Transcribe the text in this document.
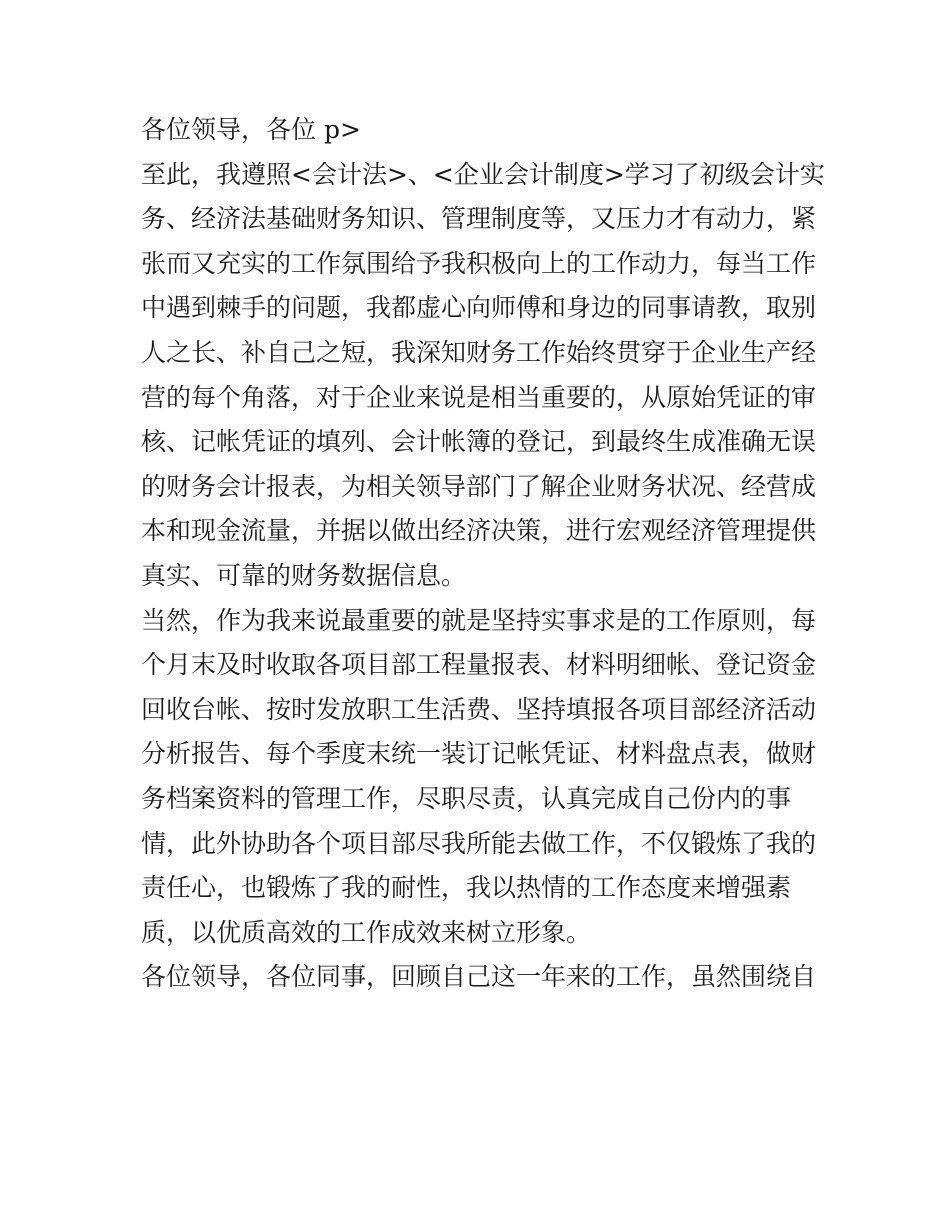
各位领导，各位 p>
至此，我遵照<会计法>、<企业会计制度>学习了初级会计实
务、经济法基础财务知识、管理制度等，又压力才有动力，紧
张而又充实的工作氛围给予我积极向上的工作动力，每当工作
中遇到棘手的问题，我都虚心向师傅和身边的同事请教，取别
人之长、补自己之短，我深知财务工作始终贯穿于企业生产经
营的每个角落，对于企业来说是相当重要的，从原始凭证的审
核、记帐凭证的填列、会计帐簿的登记，到最终生成准确无误
的财务会计报表，为相关领导部门了解企业财务状况、经营成
本和现金流量，并据以做出经济决策，进行宏观经济管理提供
真实、可靠的财务数据信息。
当然，作为我来说最重要的就是坚持实事求是的工作原则，每
个月末及时收取各项目部工程量报表、材料明细帐、登记资金
回收台帐、按时发放职工生活费、坚持填报各项目部经济活动
分析报告、每个季度末统一装订记帐凭证、材料盘点表，做财
务档案资料的管理工作，尽职尽责，认真完成自己份内的事
情，此外协助各个项目部尽我所能去做工作，不仅锻炼了我的
责任心，也锻炼了我的耐性，我以热情的工作态度来增强素
质，以优质高效的工作成效来树立形象。
各位领导，各位同事，回顾自己这一年来的工作，虽然围绕自
